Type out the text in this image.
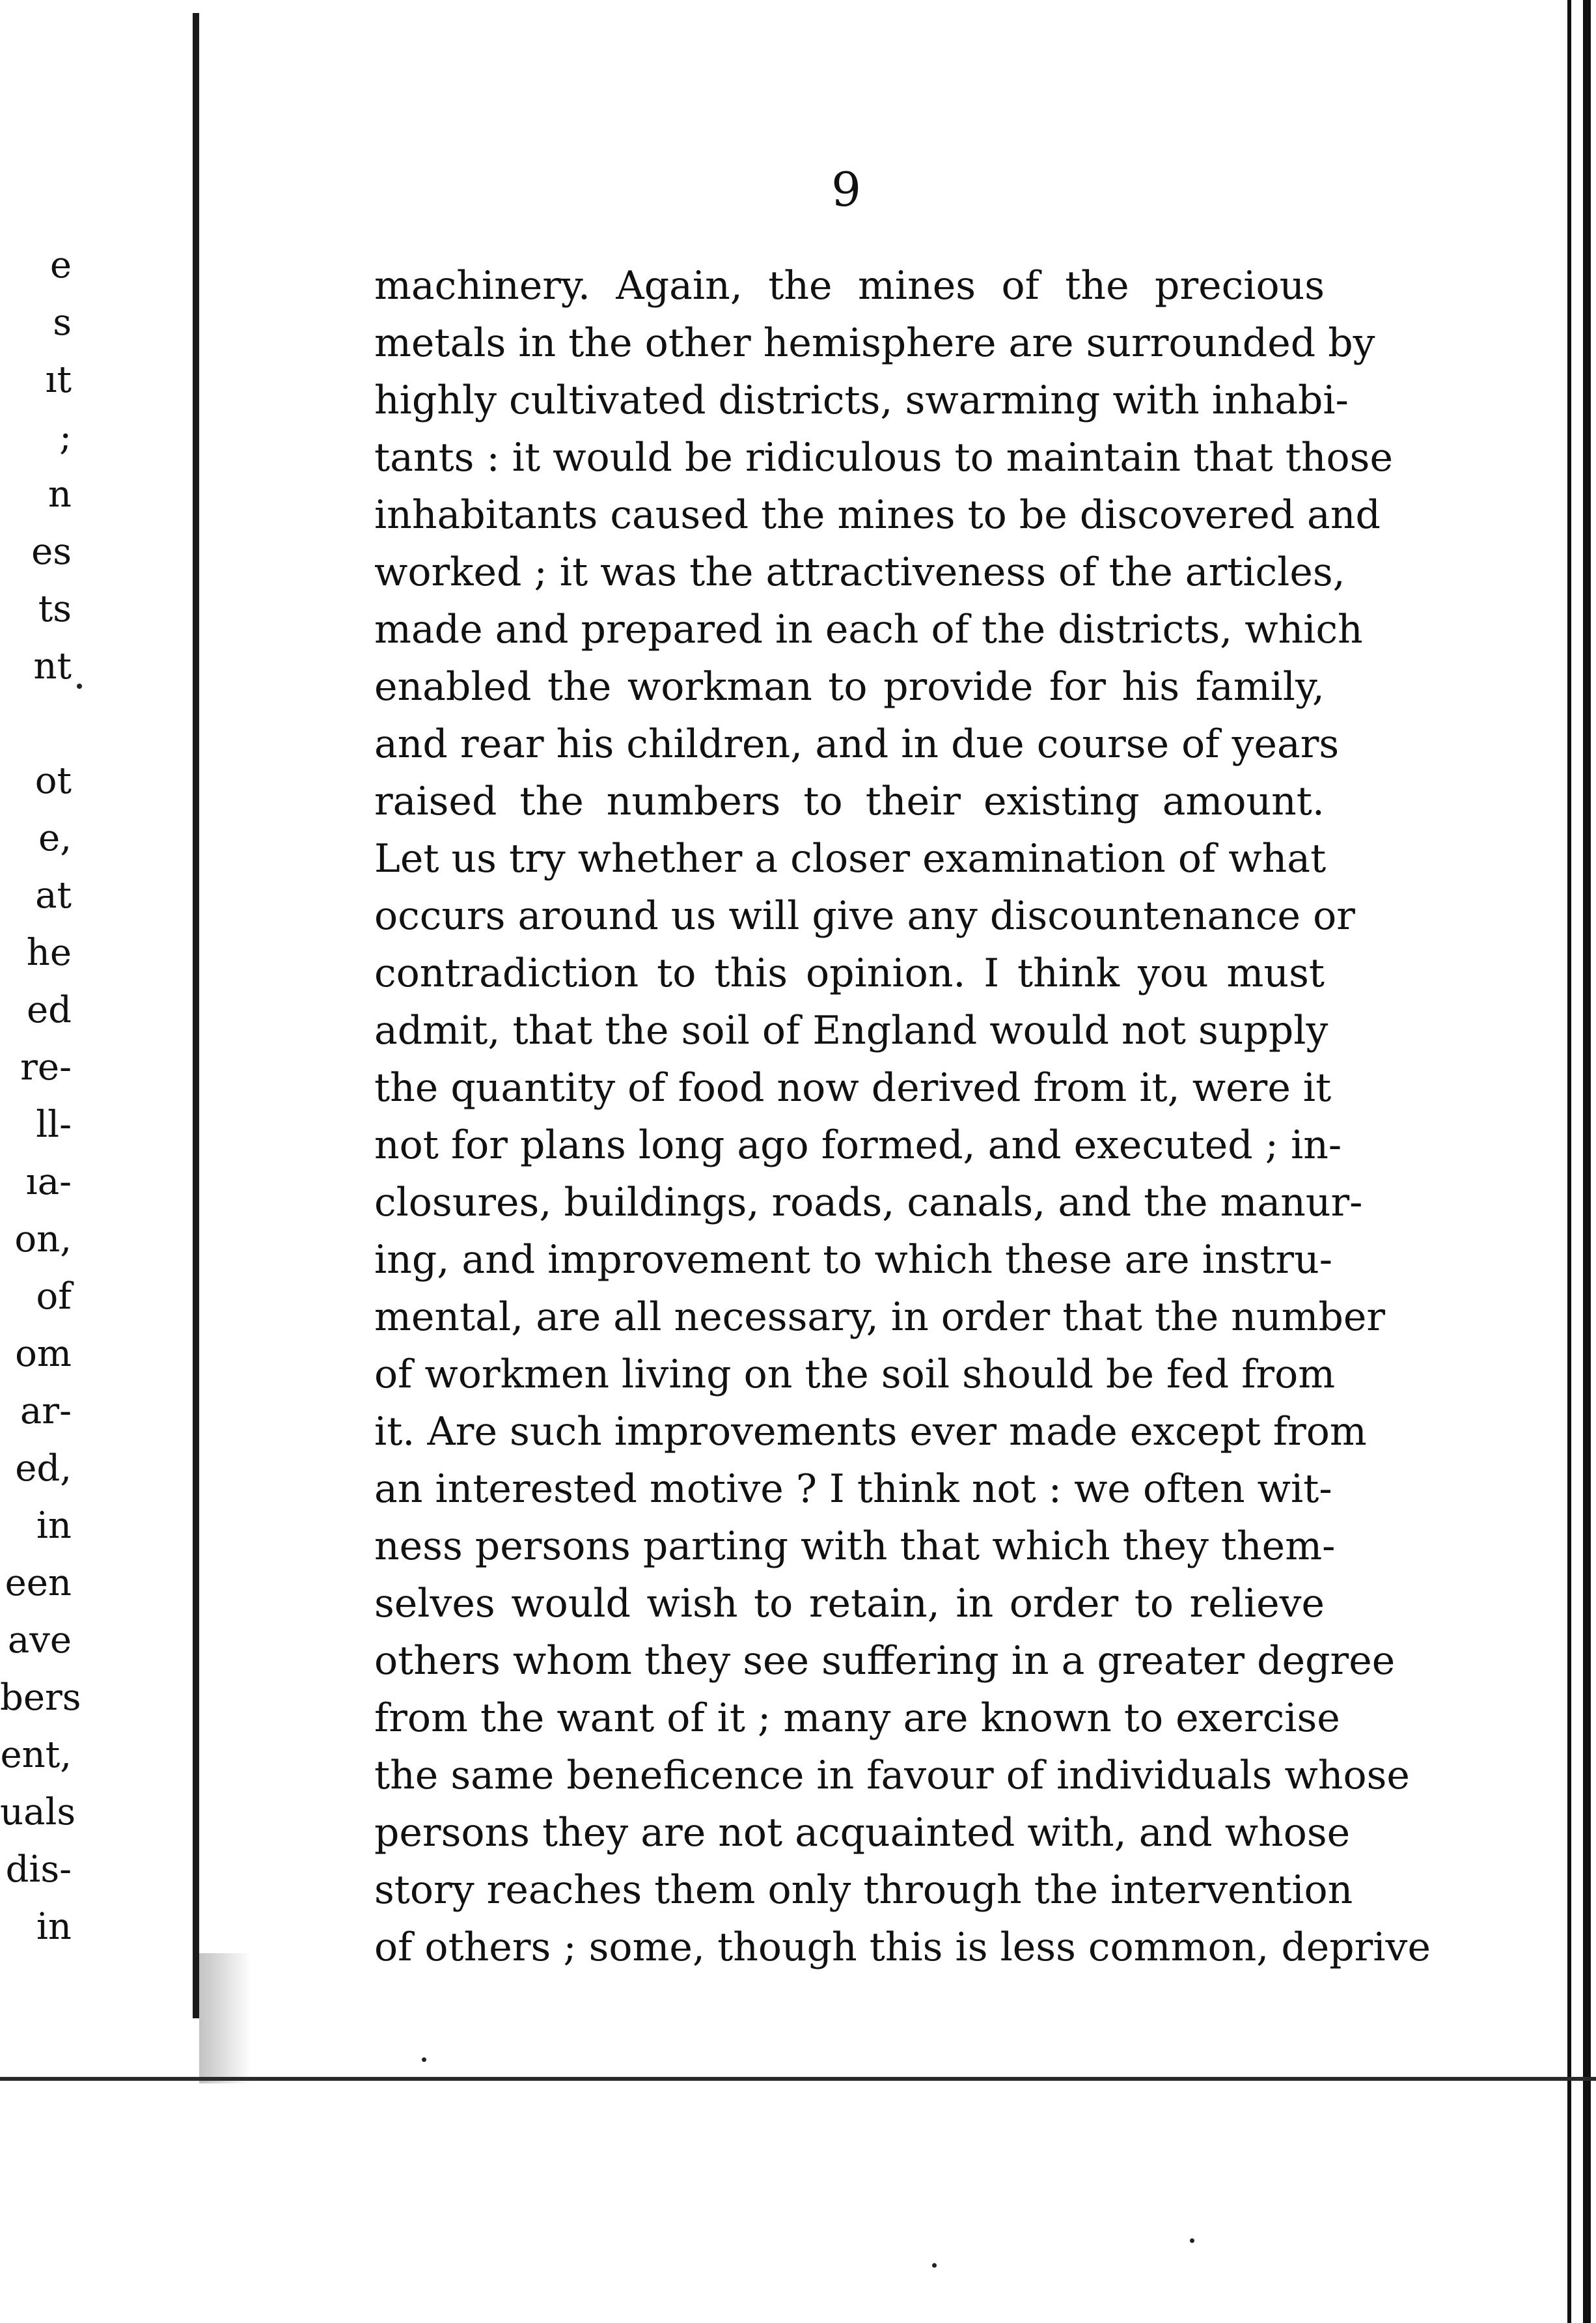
e
s
ıt
;
n
es
ts
nt
ot
e,
at
he
ed
re-
ll-
ıa-
on,
of
om
ar-
ed,
in
een
ave
bers
ent,
uals
dis-
in
9
machinery. Again, the mines of the precious
metals in the other hemisphere are surrounded by
highly cultivated districts, swarming with inhabi-
tants : it would be ridiculous to maintain that those
inhabitants caused the mines to be discovered and
worked ; it was the attractiveness of the articles,
made and prepared in each of the districts, which
enabled the workman to provide for his family,
and rear his children, and in due course of years
raised the numbers to their existing amount.
Let us try whether a closer examination of what
occurs around us will give any discountenance or
contradiction to this opinion. I think you must
admit, that the soil of England would not supply
the quantity of food now derived from it, were it
not for plans long ago formed, and executed ; in-
closures, buildings, roads, canals, and the manur-
ing, and improvement to which these are instru-
mental, are all necessary, in order that the number
of workmen living on the soil should be fed from
it. Are such improvements ever made except from
an interested motive ? I think not : we often wit-
ness persons parting with that which they them-
selves would wish to retain, in order to relieve
others whom they see suffering in a greater degree
from the want of it ; many are known to exercise
the same beneficence in favour of individuals whose
persons they are not acquainted with, and whose
story reaches them only through the intervention
of others ; some, though this is less common, deprive
